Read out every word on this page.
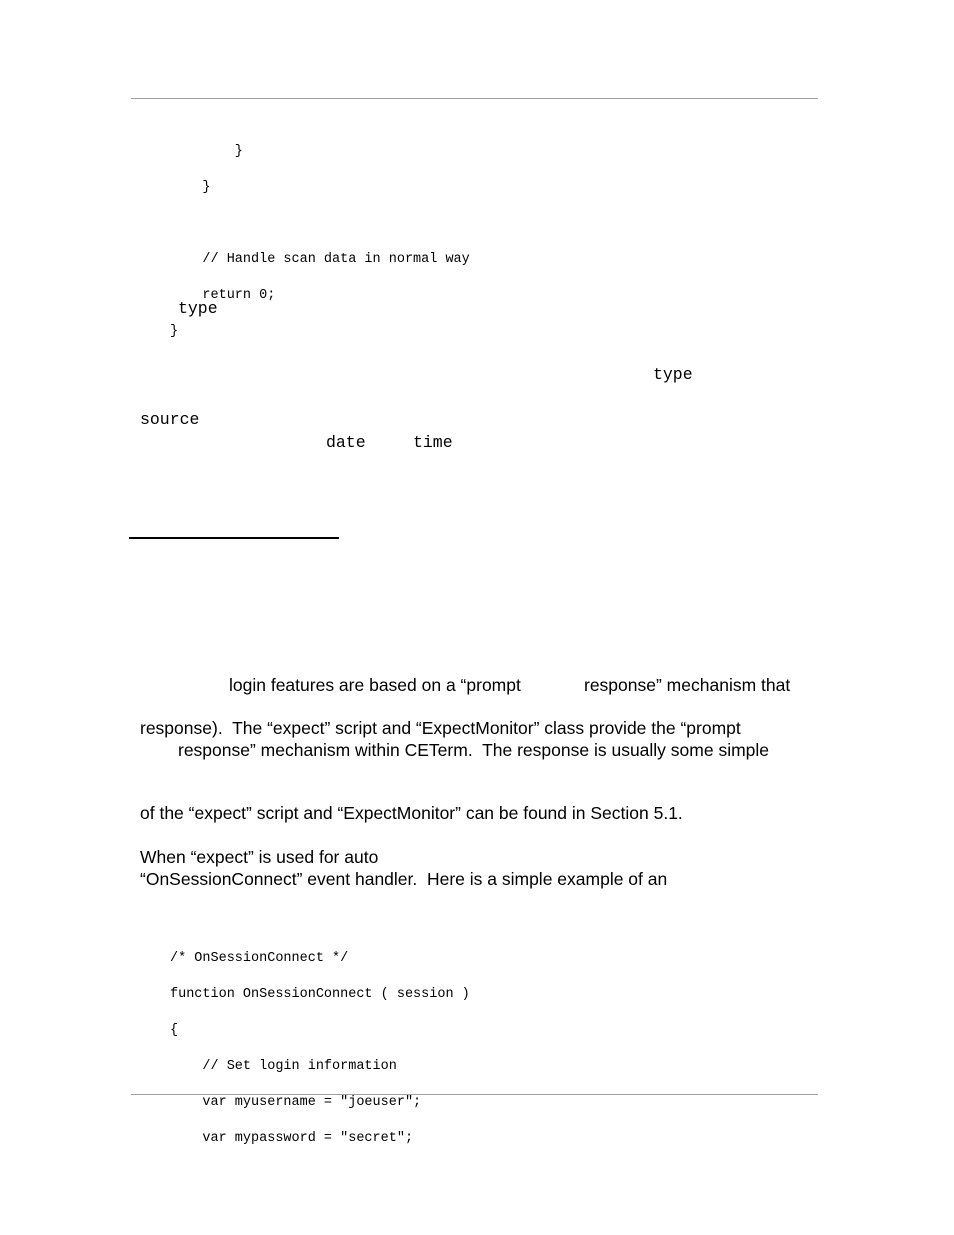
}

}

// Handle scan data in normal way

return 0;

}

type
type
source
date	time
login features are based on a “prompt	response” mechanism that
response).  The “expect” script and “ExpectMonitor” class provide the “prompt
response” mechanism within CETerm.  The response is usually some simple
of the “expect” script and “ExpectMonitor” can be found in Section 5.1.
When “expect” is used for auto
“OnSessionConnect” event handler.  Here is a simple example of an

/* OnSessionConnect */

function OnSessionConnect ( session )

{

// Set login information

var myusername = "joeuser";

var mypassword = "secret";
